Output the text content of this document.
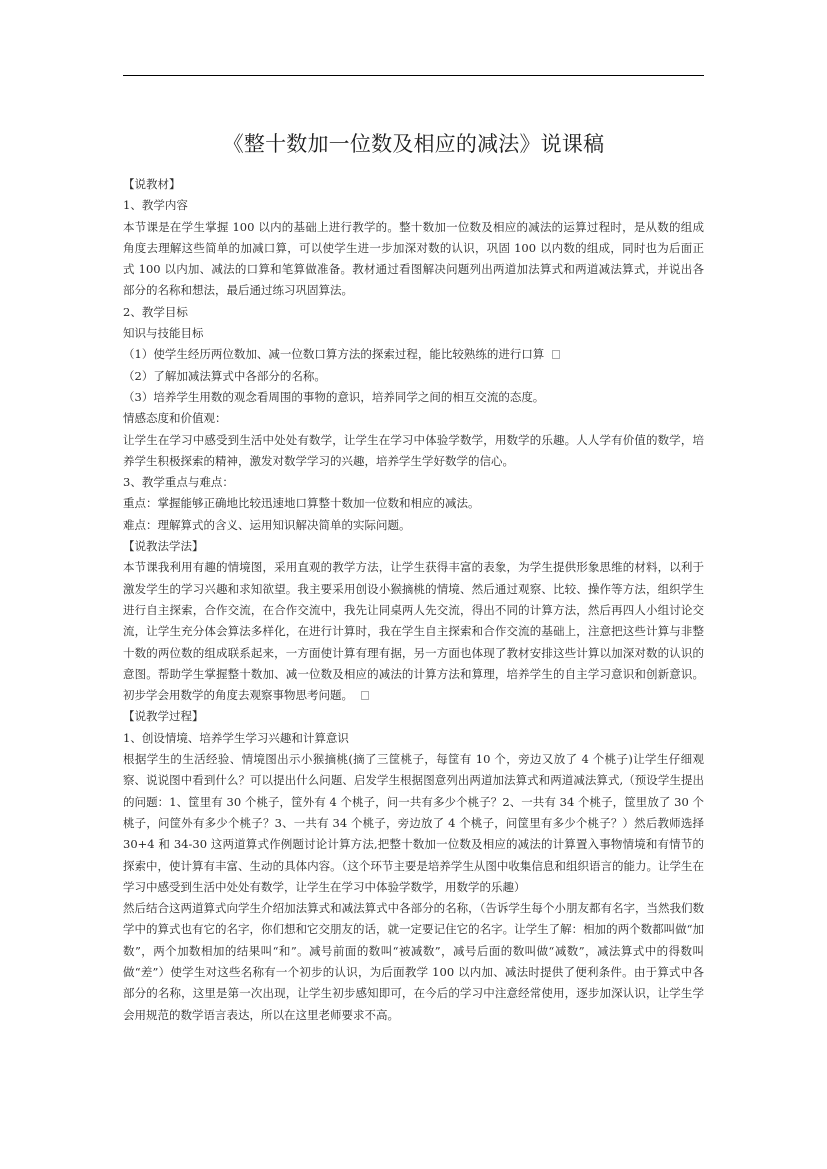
《整十数加一位数及相应的减法》说课稿

【说教材】

1、教学内容

本节课是在学生掌握 100 以内的基础上进行教学的。整十数加一位数及相应的减法的运算过程时，是从数的组成角度去理解这些简单的加减口算，可以使学生进一步加深对数的认识，巩固 100 以内数的组成，同时也为后面正式 100 以内加、减法的口算和笔算做准备。教材通过看图解决问题列出两道加法算式和两道减法算式，并说出各部分的名称和想法，最后通过练习巩固算法。

2、教学目标

知识与技能目标

（1）使学生经历两位数加、减一位数口算方法的探索过程，能比较熟练的进行口算

（2）了解加减法算式中各部分的名称。

（3）培养学生用数的观念看周围的事物的意识，培养同学之间的相互交流的态度。

情感态度和价值观：

让学生在学习中感受到生活中处处有数学，让学生在学习中体验学数学，用数学的乐趣。人人学有价值的数学，培养学生积极探索的精神，激发对数学学习的兴趣，培养学生学好数学的信心。

3、教学重点与难点：

重点：掌握能够正确地比较迅速地口算整十数加一位数和相应的减法。

难点：理解算式的含义、运用知识解决简单的实际问题。

【说教法学法】

本节课我利用有趣的情境图，采用直观的教学方法，让学生获得丰富的表象，为学生提供形象思维的材料，以利于激发学生的学习兴趣和求知欲望。我主要采用创设小猴摘桃的情境、然后通过观察、比较、操作等方法，组织学生进行自主探索，合作交流，在合作交流中，我先让同桌两人先交流，得出不同的计算方法，然后再四人小组讨论交流，让学生充分体会算法多样化，在进行计算时，我在学生自主探索和合作交流的基础上，注意把这些计算与非整十数的两位数的组成联系起来，一方面使计算有理有据，另一方面也体现了教材安排这些计算以加深对数的认识的意图。帮助学生掌握整十数加、减一位数及相应的减法的计算方法和算理，培养学生的自主学习意识和创新意识。初步学会用数学的角度去观察事物思考问题。

【说教学过程】

1、创设情境、培养学生学习兴趣和计算意识

根据学生的生活经验、情境图出示小猴摘桃(摘了三筐桃子，每筐有 10 个，旁边又放了 4 个桃子)让学生仔细观察、说说图中看到什么？可以提出什么问题、启发学生根据图意列出两道加法算式和两道减法算式,（预设学生提出的问题：1、筐里有 30 个桃子，筐外有 4 个桃子，问一共有多少个桃子？2、一共有 34 个桃子，筐里放了 30 个桃子，问筐外有多少个桃子？3、一共有 34 个桃子，旁边放了 4 个桃子，问筐里有多少个桃子？）然后教师选择 30+4 和 34-30 这两道算式作例题讨论计算方法,把整十数加一位数及相应的减法的计算置入事物情境和有情节的探索中，使计算有丰富、生动的具体内容。（这个环节主要是培养学生从图中收集信息和组织语言的能力。让学生在学习中感受到生活中处处有数学，让学生在学习中体验学数学，用数学的乐趣）

然后结合这两道算式向学生介绍加法算式和减法算式中各部分的名称，（告诉学生每个小朋友都有名字，当然我们数学中的算式也有它的名字，你们想和它交朋友的话，就一定要记住它的名字。让学生了解：相加的两个数都叫做“加数”，两个加数相加的结果叫“和”。减号前面的数叫“被减数”，减号后面的数叫做“减数”，减法算式中的得数叫做“差”）使学生对这些名称有一个初步的认识，为后面教学 100 以内加、减法时提供了便利条件。由于算式中各部分的名称，这里是第一次出现，让学生初步感知即可，在今后的学习中注意经常使用，逐步加深认识，让学生学会用规范的数学语言表达，所以在这里老师要求不高。
